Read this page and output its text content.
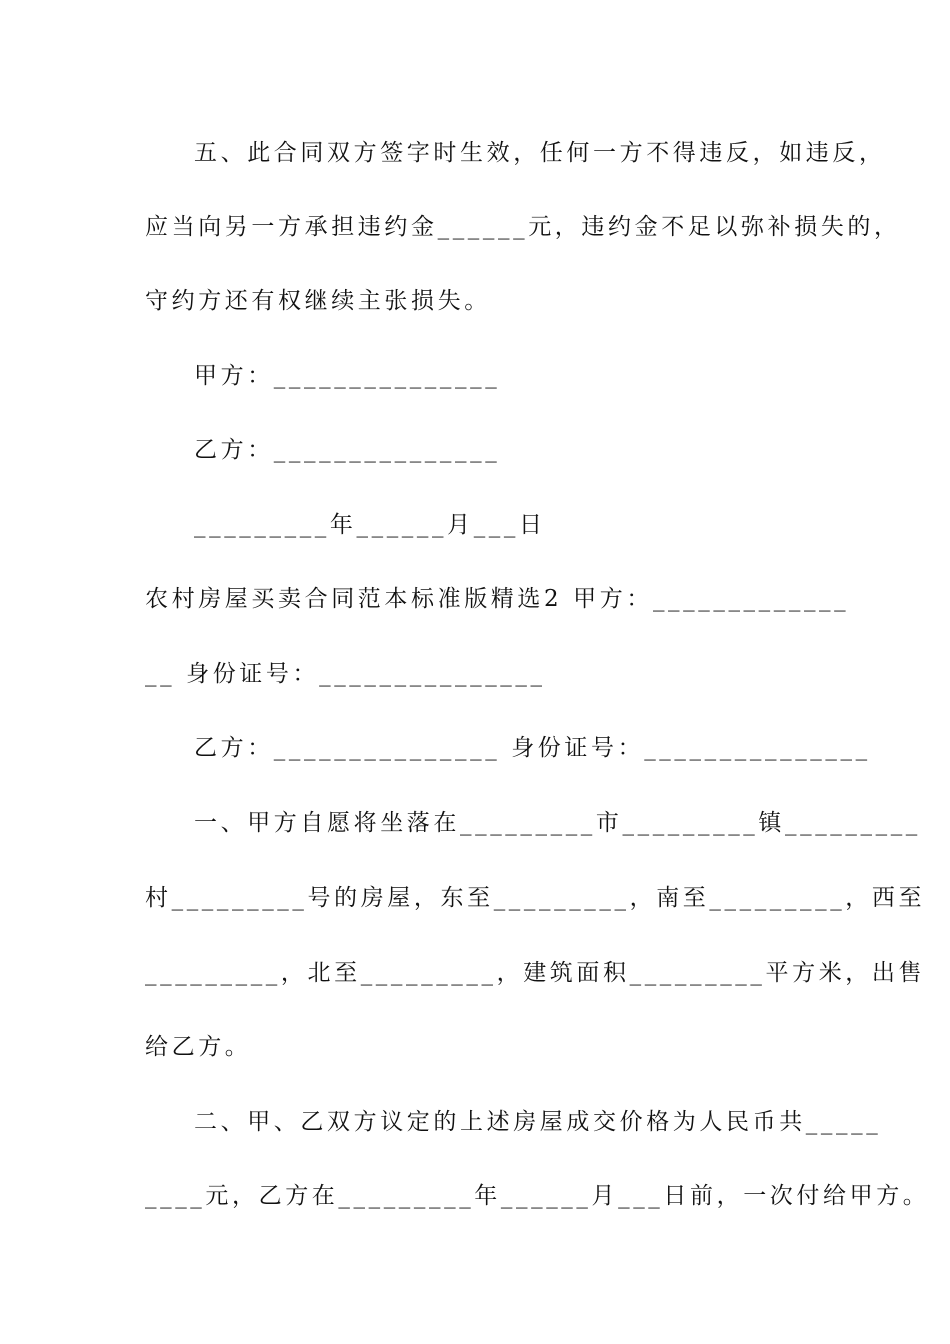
五、此合同双方签字时生效，任何一方不得违反，如违反，
应当向另一方承担违约金______元，违约金不足以弥补损失的，
守约方还有权继续主张损失。
甲方：_______________
乙方：_______________
_________年______月___日
农村房屋买卖合同范本标准版精选2 甲方：_____________
__ 身份证号：_______________
乙方：_______________ 身份证号：_______________
一、甲方自愿将坐落在_________市_________镇_________
村_________号的房屋，东至_________，南至_________，西至
_________，北至_________，建筑面积_________平方米，出售
给乙方。
二、甲、乙双方议定的上述房屋成交价格为人民币共_____
____元，乙方在_________年______月___日前，一次付给甲方。
